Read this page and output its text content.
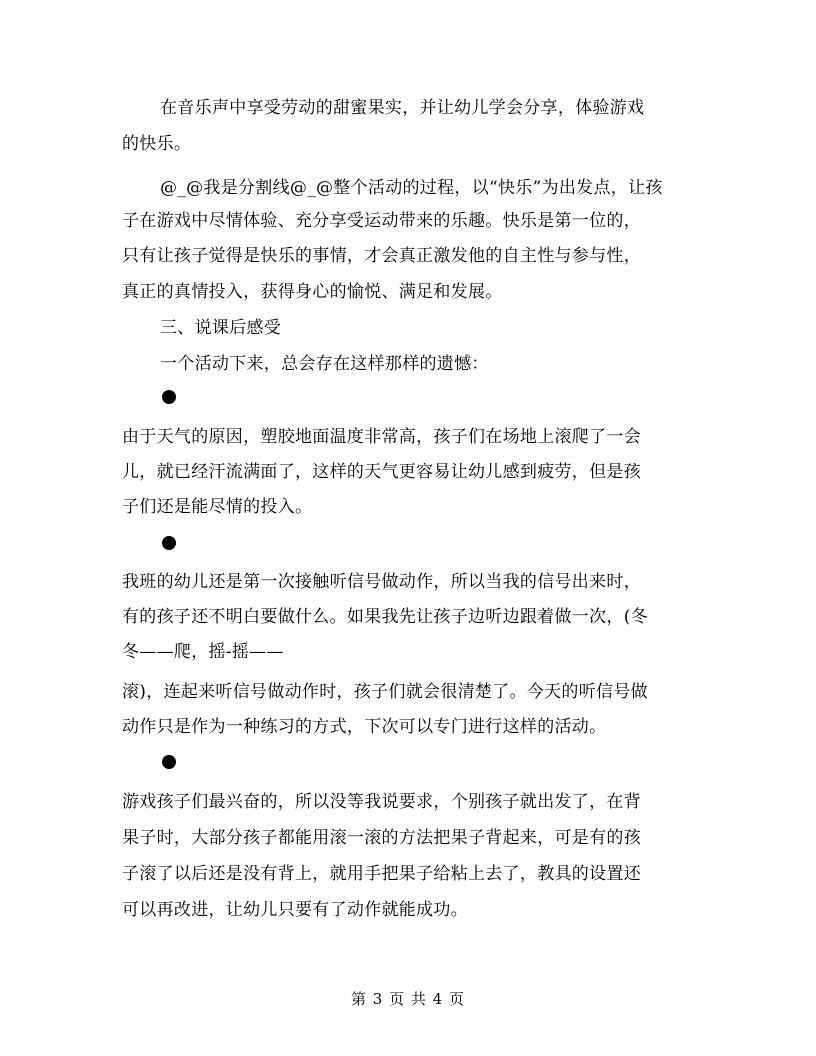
在音乐声中享受劳动的甜蜜果实，并让幼儿学会分享，体验游戏
的快乐。
@_@我是分割线@_@整个活动的过程，以“快乐”为出发点，让孩
子在游戏中尽情体验、充分享受运动带来的乐趣。快乐是第一位的，
只有让孩子觉得是快乐的事情，才会真正激发他的自主性与参与性，
真正的真情投入，获得身心的愉悦、满足和发展。
三、说课后感受
一个活动下来，总会存在这样那样的遗憾：
由于天气的原因，塑胶地面温度非常高，孩子们在场地上滚爬了一会
儿，就已经汗流满面了，这样的天气更容易让幼儿感到疲劳，但是孩
子们还是能尽情的投入。
我班的幼儿还是第一次接触听信号做动作，所以当我的信号出来时，
有的孩子还不明白要做什么。如果我先让孩子边听边跟着做一次，(冬
冬——爬，摇-摇——
滚)，连起来听信号做动作时，孩子们就会很清楚了。今天的听信号做
动作只是作为一种练习的方式，下次可以专门进行这样的活动。
游戏孩子们最兴奋的，所以没等我说要求，个别孩子就出发了，在背
果子时，大部分孩子都能用滚一滚的方法把果子背起来，可是有的孩
子滚了以后还是没有背上，就用手把果子给粘上去了，教具的设置还
可以再改进，让幼儿只要有了动作就能成功。
第 3 页 共 4 页
